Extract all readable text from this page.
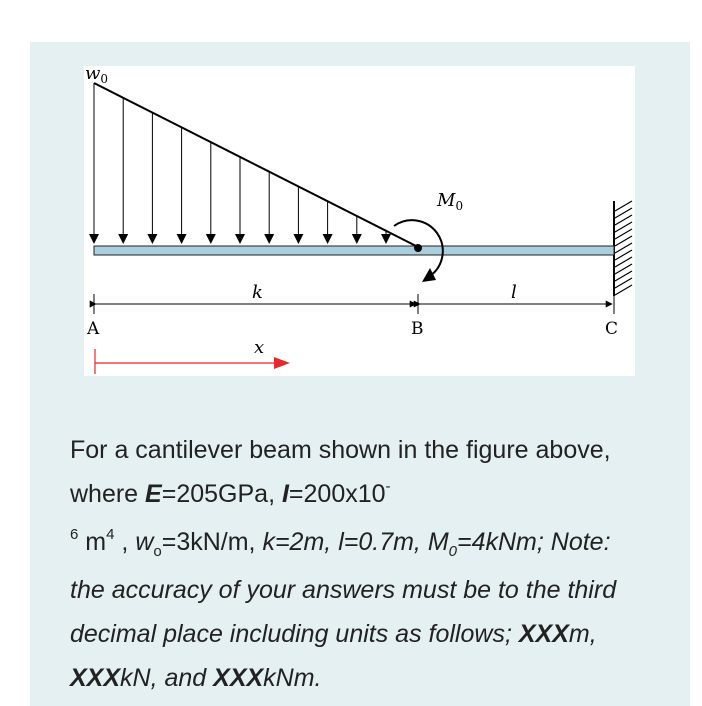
$w_0$
$M_0$
k	l
A	B	C
x

For a cantilever beam shown in the figure above, where E=205GPa, I=200x10-
$^6$ $m^4$ , $w_o=3kN/m$, k=2m, l=0.7m, $M_0=4kNm$; Note: the accuracy of your answers must be to the third decimal place including units as follows; XXXm, XXXkN, and XXXkNm.
